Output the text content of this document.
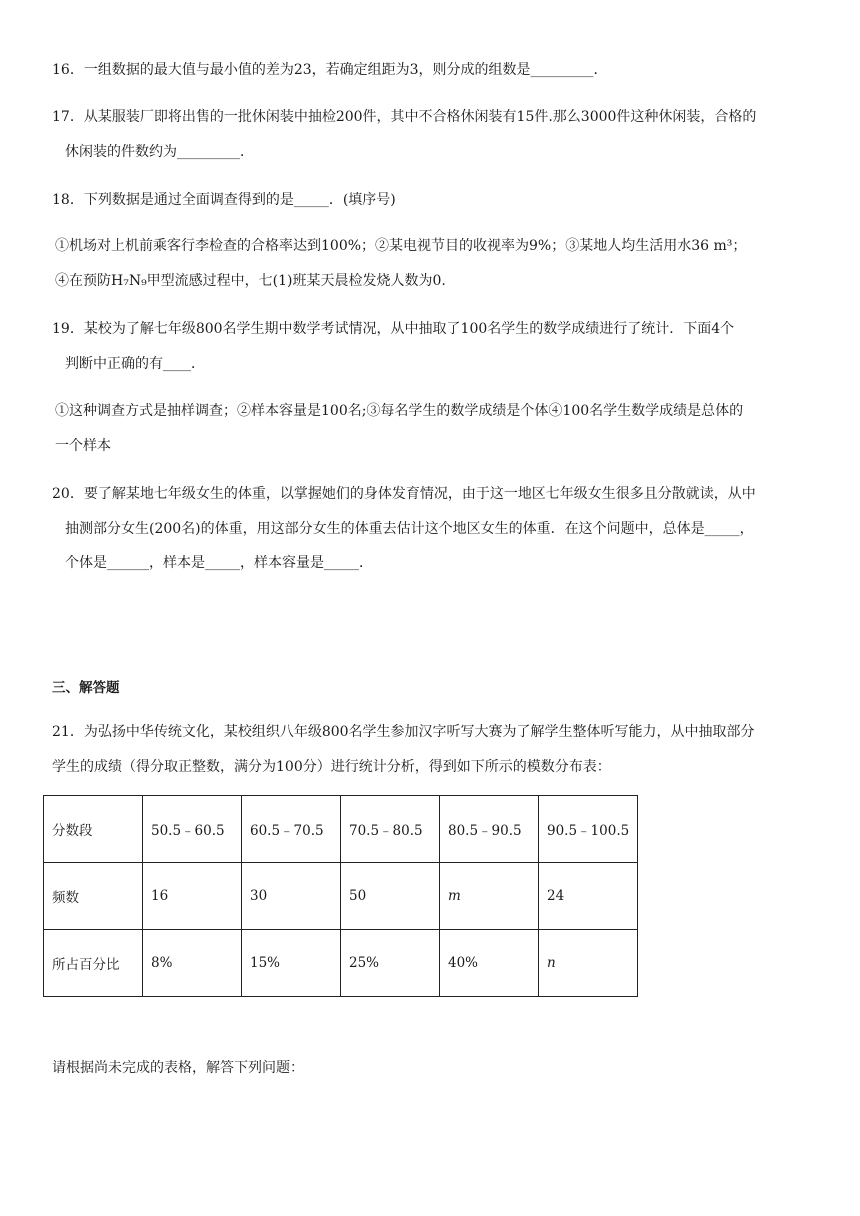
16．一组数据的最大值与最小值的差为23，若确定组距为3，则分成的组数是_________．
17．从某服装厂即将出售的一批休闲装中抽检200件，其中不合格休闲装有15件.那么3000件这种休闲装，合格的
休闲装的件数约为_________．
18．下列数据是通过全面调查得到的是_____．(填序号)
①机场对上机前乘客行李检查的合格率达到100%；②某电视节目的收视率为9%；③某地人均生活用水36 m³；
④在预防H₇N₉甲型流感过程中，七(1)班某天晨检发烧人数为0.
19．某校为了解七年级800名学生期中数学考试情况，从中抽取了100名学生的数学成绩进行了统计．下面4个
判断中正确的有____．
①这种调查方式是抽样调查；②样本容量是100名;③每名学生的数学成绩是个体④100名学生数学成绩是总体的
一个样本
20．要了解某地七年级女生的体重，以掌握她们的身体发育情况，由于这一地区七年级女生很多且分散就读，从中
抽测部分女生(200名)的体重，用这部分女生的体重去估计这个地区女生的体重．在这个问题中，总体是_____，
个体是______，样本是_____，样本容量是_____．
三、解答题
21．为弘扬中华传统文化，某校组织八年级800名学生参加汉字听写大赛为了解学生整体听写能力，从中抽取部分
学生的成绩（得分取正整数，满分为100分）进行统计分析，得到如下所示的模数分布表：
分数段	50.5﹣60.5	60.5﹣70.5	70.5﹣80.5	80.5﹣90.5	90.5﹣100.5
频数	16	30	50	m	24
所占百分比	8%	15%	25%	40%	n
请根据尚未完成的表格，解答下列问题：
